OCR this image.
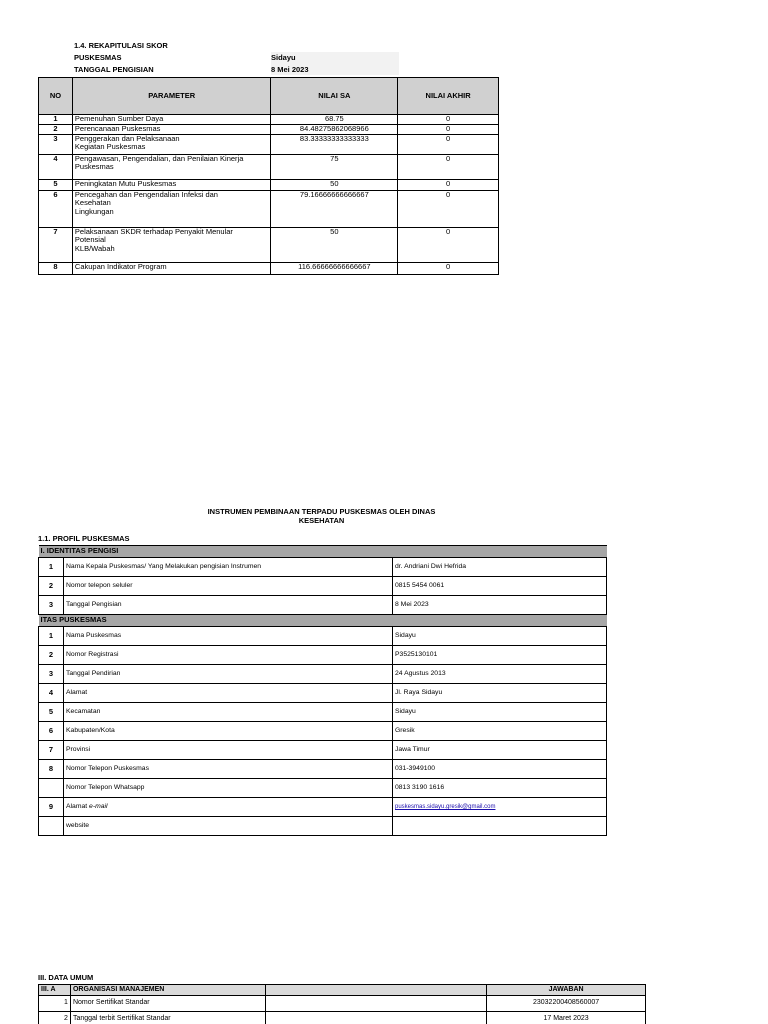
1.4. REKAPITULASI SKOR
PUSKESMAS	Sidayu
TANGGAL PENGISIAN	8 Mei 2023
NO	PARAMETER	NILAI SA	NILAI AKHIR
1	Pemenuhan Sumber Daya	68.75	0
2	Perencanaan Puskesmas	84.48275862068966	0
3	Penggerakan dan Pelaksanaan
Kegiatan Puskesmas	83.33333333333333	0
4	Pengawasan, Pengendalian, dan Penilaian Kinerja
Puskesmas	75	0
5	Peningkatan Mutu Puskesmas	50	0
6	Pencegahan dan Pengendalian Infeksi dan
Kesehatan
Lingkungan	79.16666666666667	0
7	Pelaksanaan SKDR terhadap Penyakit Menular
Potensial
KLB/Wabah	50	0
8	Cakupan Indikator Program	116.66666666666667	0
INSTRUMEN PEMBINAAN TERPADU PUSKESMAS OLEH DINAS
KESEHATAN
1.1. PROFIL PUSKESMAS
I. IDENTITAS PENGISI		
1	Nama Kepala Puskesmas/ Yang Melakukan pengisian Instrumen	dr. Andriani Dwi Hefrida
2	Nomor telepon seluler	0815 5454 0061
3	Tanggal Pengisian	8 Mei 2023
ITAS PUSKESMAS		
1	Nama Puskesmas	Sidayu
2	Nomor Registrasi	P3525130101
3	Tanggal Pendirian	24 Agustus 2013
4	Alamat	Jl. Raya Sidayu
5	Kecamatan	Sidayu
6	Kabupaten/Kota	Gresik
7	Provinsi	Jawa Timur
8	Nomor Telepon Puskesmas	031-3949100
	Nomor Telepon Whatsapp	0813 3190 1616
9	Alamat e-mail	puskesmas.sidayu.gresik@gmail.com
	website	
III. DATA UMUM
III. A	ORGANISASI MANAJEMEN		JAWABAN
1	Nomor Sertifikat Standar		23032200408560007
2	Tanggal terbit Sertifikat Standar		17 Maret 2023
